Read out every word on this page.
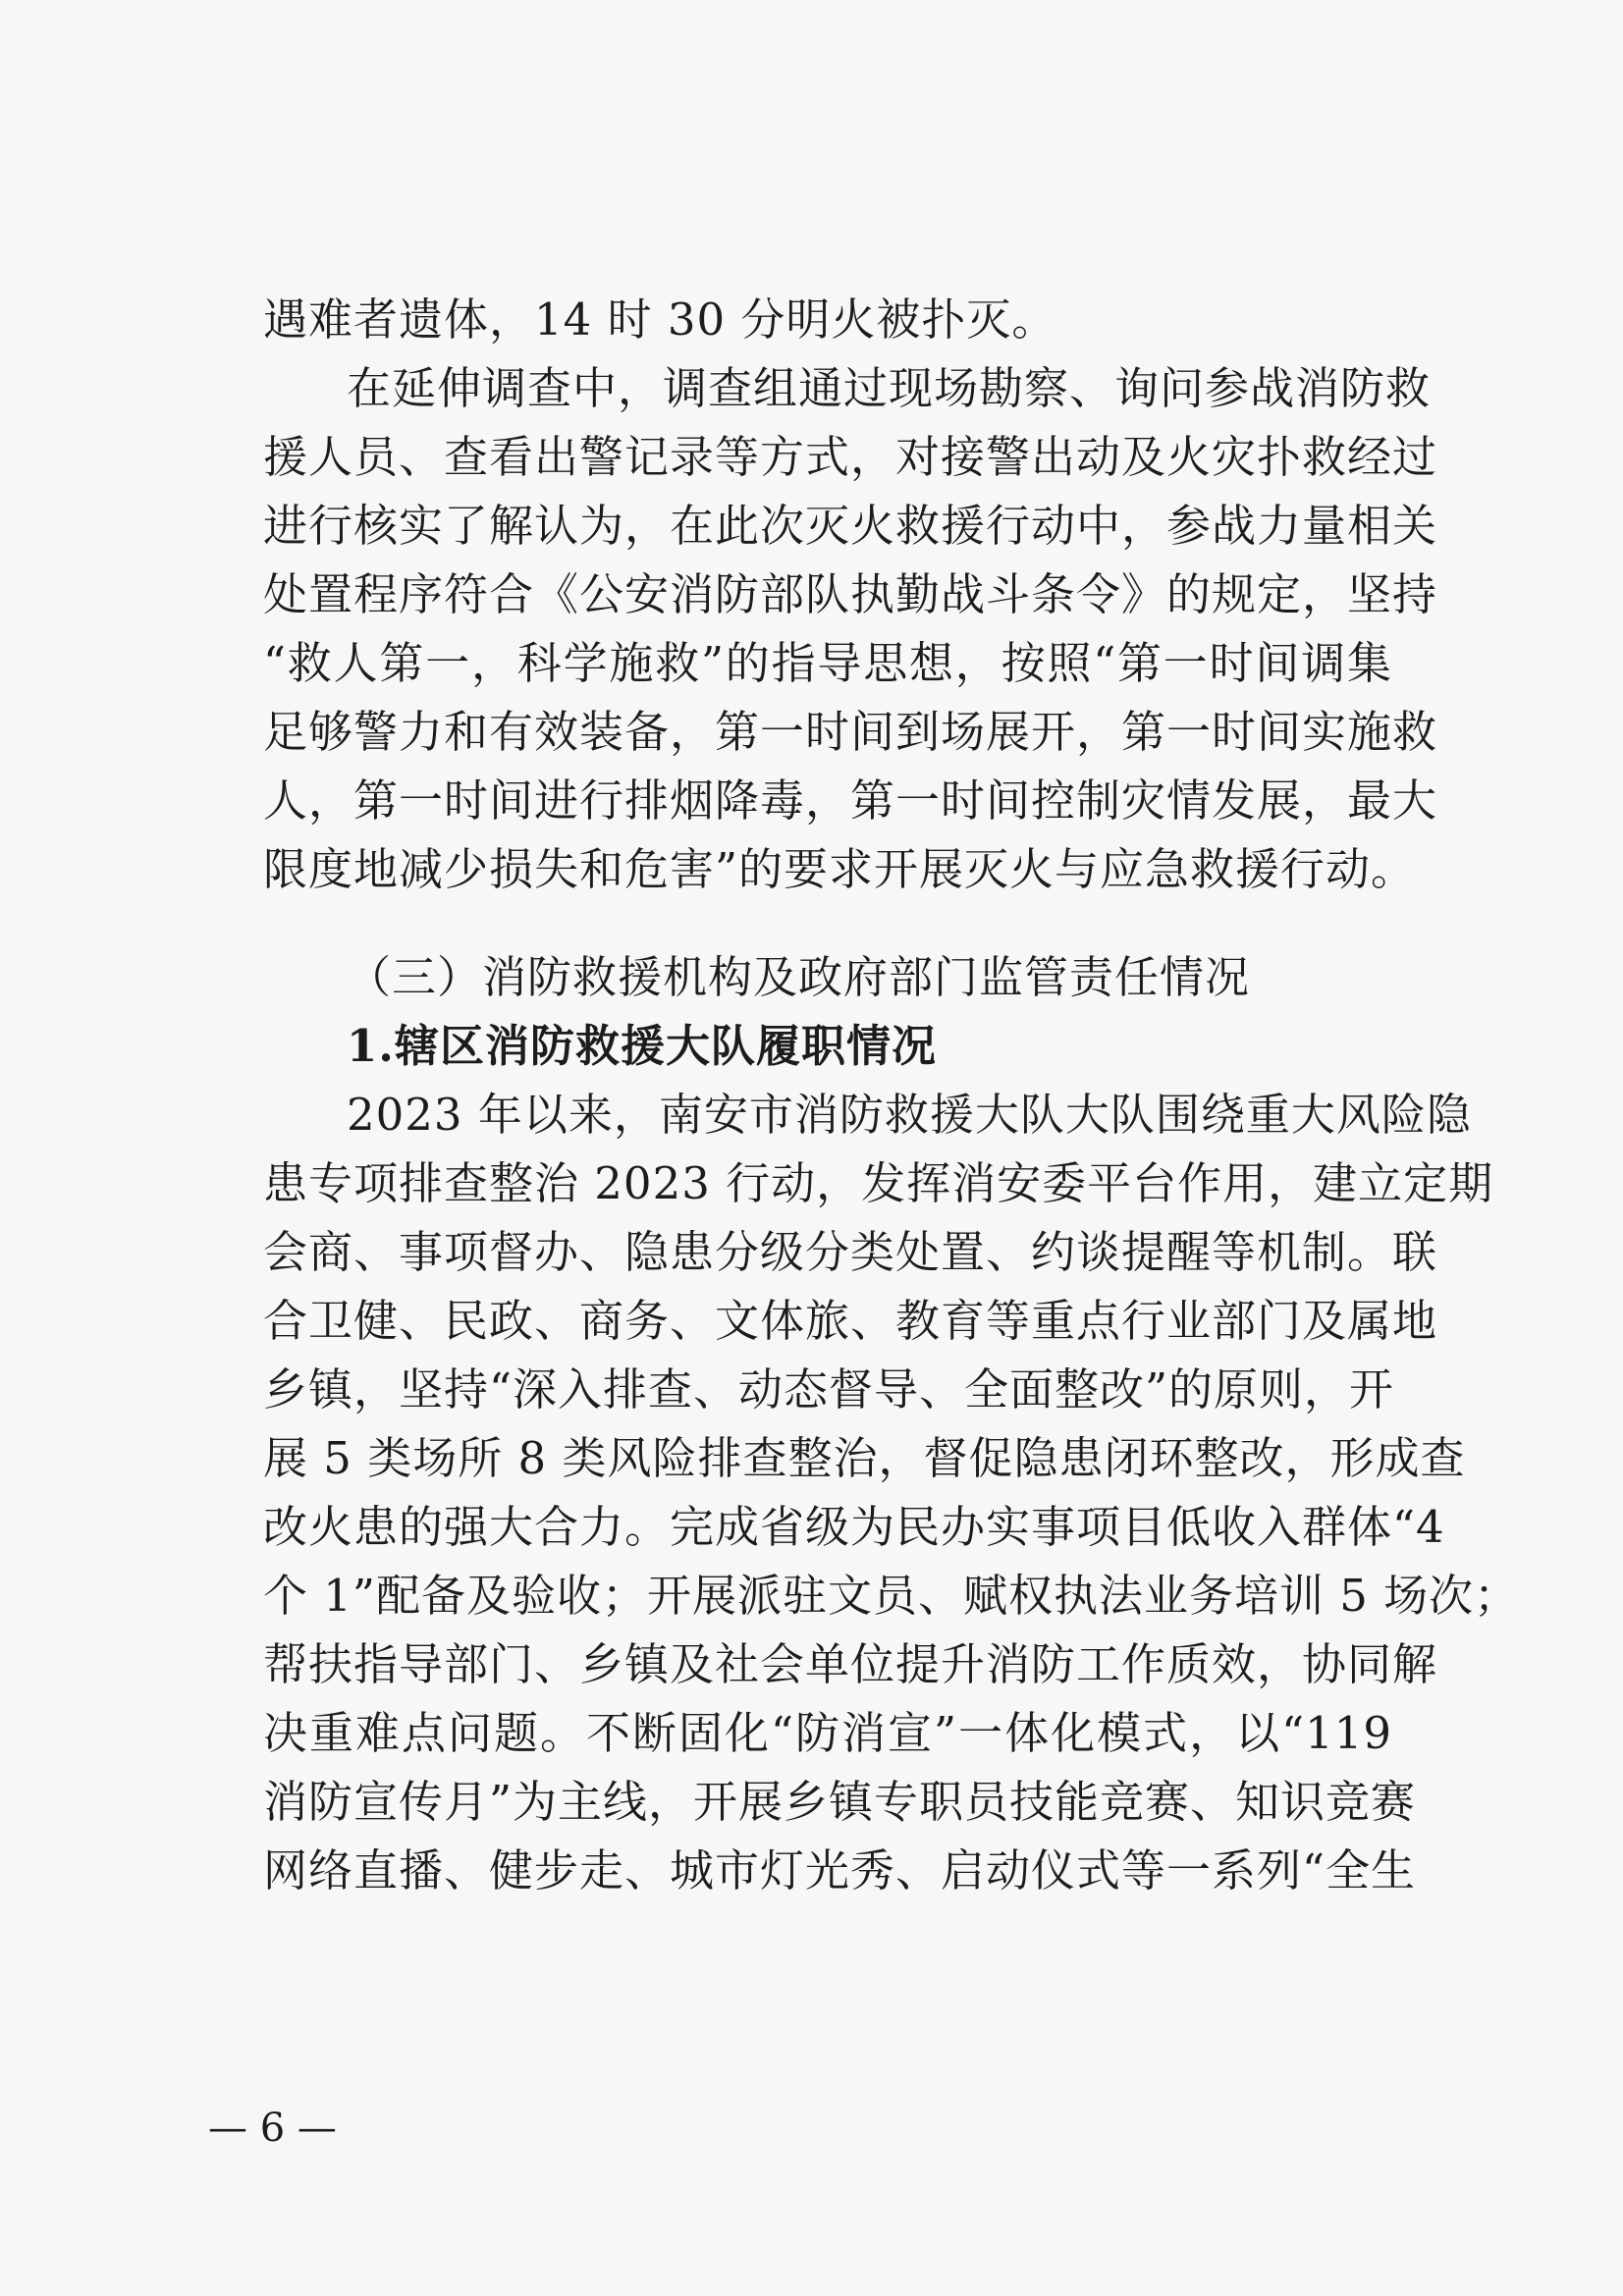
遇难者遗体，14 时 30 分明火被扑灭。
在延伸调查中，调查组通过现场勘察、询问参战消防救
援人员、查看出警记录等方式，对接警出动及火灾扑救经过
进行核实了解认为，在此次灭火救援行动中，参战力量相关
处置程序符合《公安消防部队执勤战斗条令》的规定，坚持
“救人第一，科学施救”的指导思想，按照“第一时间调集
足够警力和有效装备，第一时间到场展开，第一时间实施救
人，第一时间进行排烟降毒，第一时间控制灾情发展，最大
限度地减少损失和危害”的要求开展灭火与应急救援行动。
（三）消防救援机构及政府部门监管责任情况
1.辖区消防救援大队履职情况
2023 年以来，南安市消防救援大队大队围绕重大风险隐
患专项排查整治 2023 行动，发挥消安委平台作用，建立定期
会商、事项督办、隐患分级分类处置、约谈提醒等机制。联
合卫健、民政、商务、文体旅、教育等重点行业部门及属地
乡镇，坚持“深入排查、动态督导、全面整改”的原则，开
展 5 类场所 8 类风险排查整治，督促隐患闭环整改，形成查
改火患的强大合力。完成省级为民办实事项目低收入群体“4
个 1”配备及验收；开展派驻文员、赋权执法业务培训 5 场次；
帮扶指导部门、乡镇及社会单位提升消防工作质效，协同解
决重难点问题。不断固化“防消宣”一体化模式，以“119
消防宣传月”为主线，开展乡镇专职员技能竞赛、知识竞赛
网络直播、健步走、城市灯光秀、启动仪式等一系列“全生
— 6 —
